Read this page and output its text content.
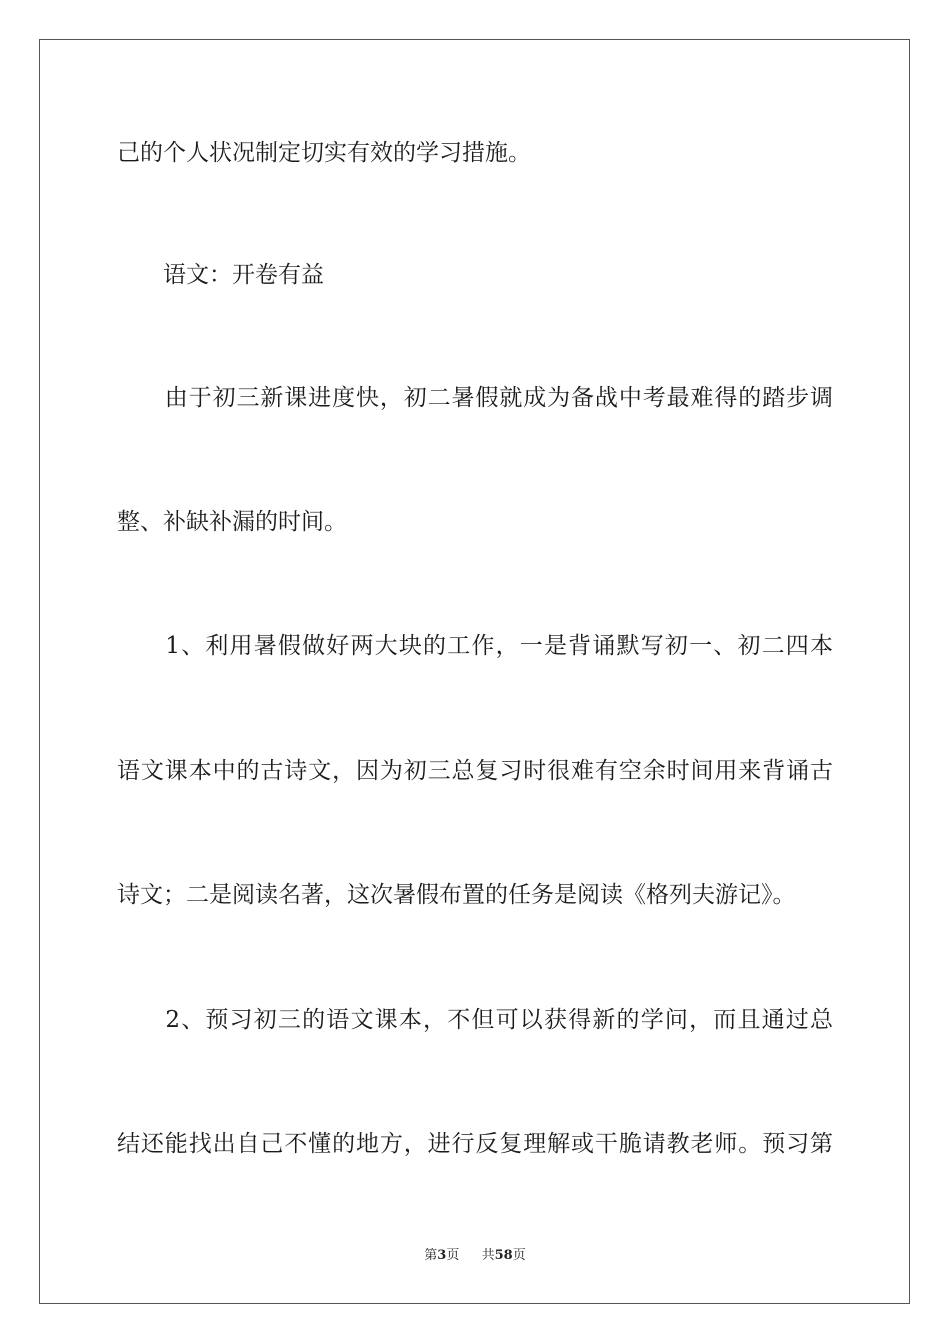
己的个人状况制定切实有效的学习措施。
　　语文：开卷有益
　　由于初三新课进度快，初二暑假就成为备战中考最难得的踏步调
整、补缺补漏的时间。
　　1、利用暑假做好两大块的工作，一是背诵默写初一、初二四本
语文课本中的古诗文，因为初三总复习时很难有空余时间用来背诵古
诗文；二是阅读名著，这次暑假布置的任务是阅读《格列夫游记》。
　　2、预习初三的语文课本，不但可以获得新的学问，而且通过总
结还能找出自己不懂的地方，进行反复理解或干脆请教老师。预习第
第3页 共58页
